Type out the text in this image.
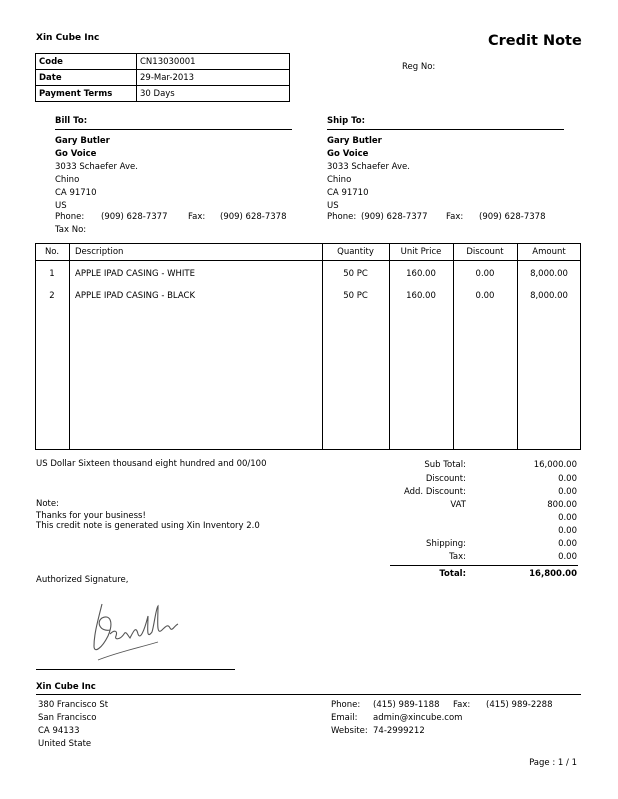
Xin Cube Inc	Credit Note
Code	CN13030001
Date	29-Mar-2013
Payment Terms	30 Days
Reg No:
Bill To:
Gary Butler
Go Voice
3033 Schaefer Ave.
Chino
CA 91710
US
Phone: (909) 628-7377 Fax: (909) 628-7378
Tax No:
Ship To:
Gary Butler
Go Voice
3033 Schaefer Ave.
Chino
CA 91710
US
Phone: (909) 628-7377 Fax: (909) 628-7378
No.	Description	Quantity	Unit Price	Discount	Amount
1	APPLE IPAD CASING - WHITE	50 PC	160.00	0.00	8,000.00
2	APPLE IPAD CASING - BLACK	50 PC	160.00	0.00	8,000.00
US Dollar Sixteen thousand eight hundred and 00/100	Sub Total:	16,000.00
Discount:	0.00
Add. Discount:	0.00
VAT	800.00
0.00
0.00
Shipping:	0.00
Tax:	0.00
Total:	16,800.00
Note:
Thanks for your business!
This credit note is generated using Xin Inventory 2.0
Authorized Signature,
Xin Cube Inc
380 Francisco St
San Francisco
CA 94133
United State
Phone: (415) 989-1188 Fax: (415) 989-2288
Email: admin@xincube.com
Website: 74-2999212
Page : 1 / 1
